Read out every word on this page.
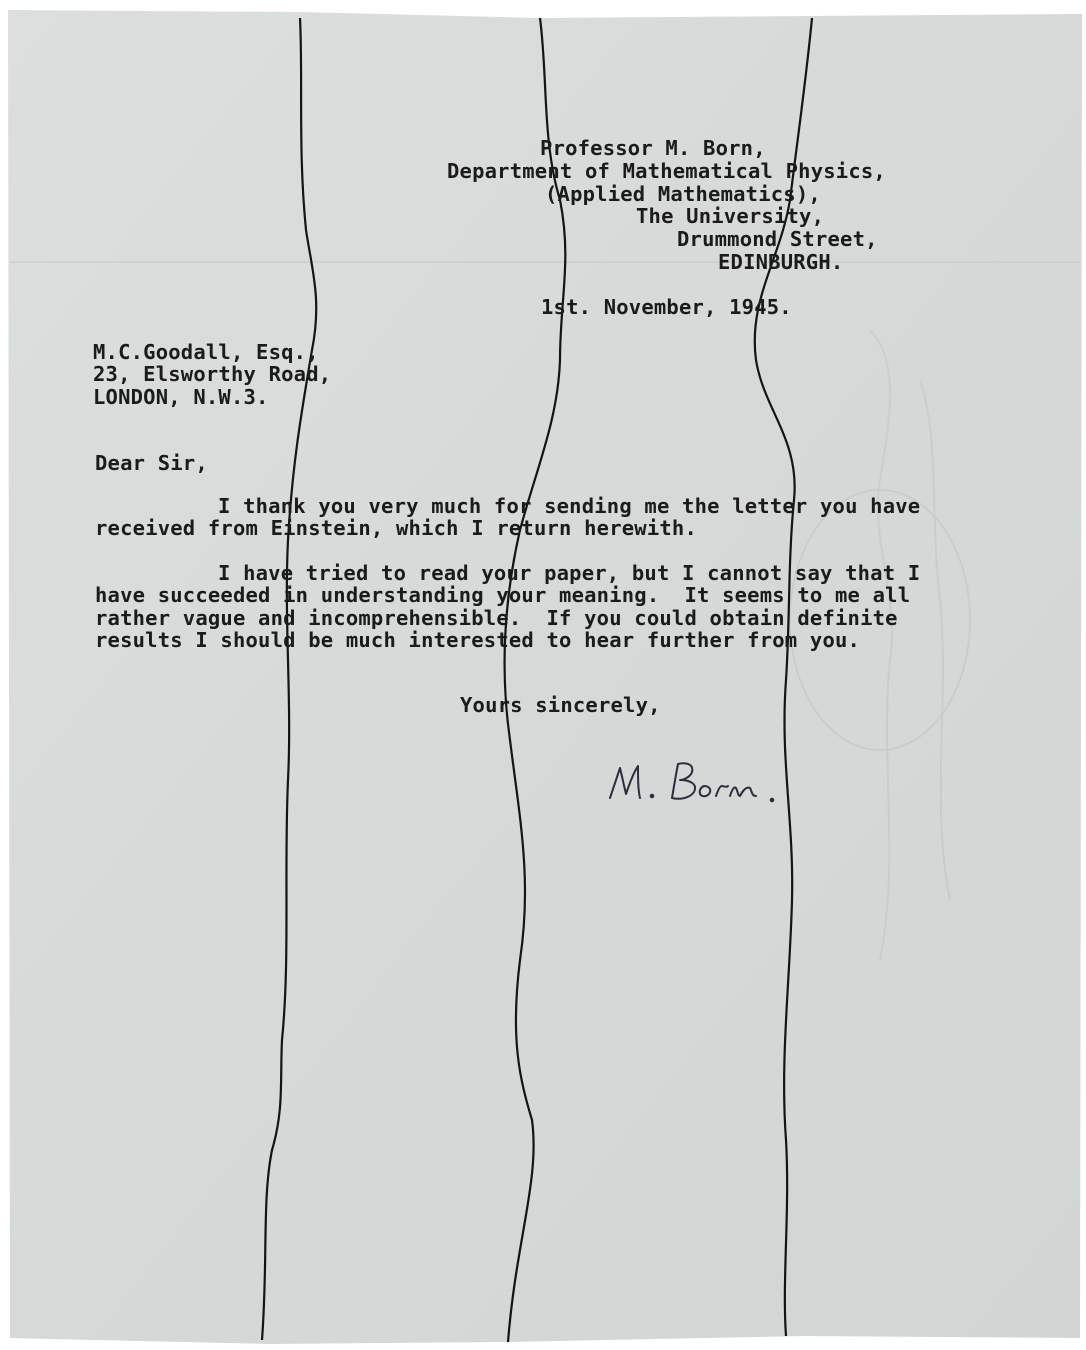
Professor M. Born,
Department of Mathematical Physics,
(Applied Mathematics),
The University,
Drummond Street,
EDINBURGH.
1st. November, 1945.
M.C.Goodall, Esq.,
23, Elsworthy Road,
LONDON, N.W.3.
Dear Sir,
I thank you very much for sending me the letter you have
received from Einstein, which I return herewith.
I have tried to read your paper, but I cannot say that I
have succeeded in understanding your meaning.  It seems to me all
rather vague and incomprehensible.  If you could obtain definite
results I should be much interested to hear further from you.
Yours sincerely,
